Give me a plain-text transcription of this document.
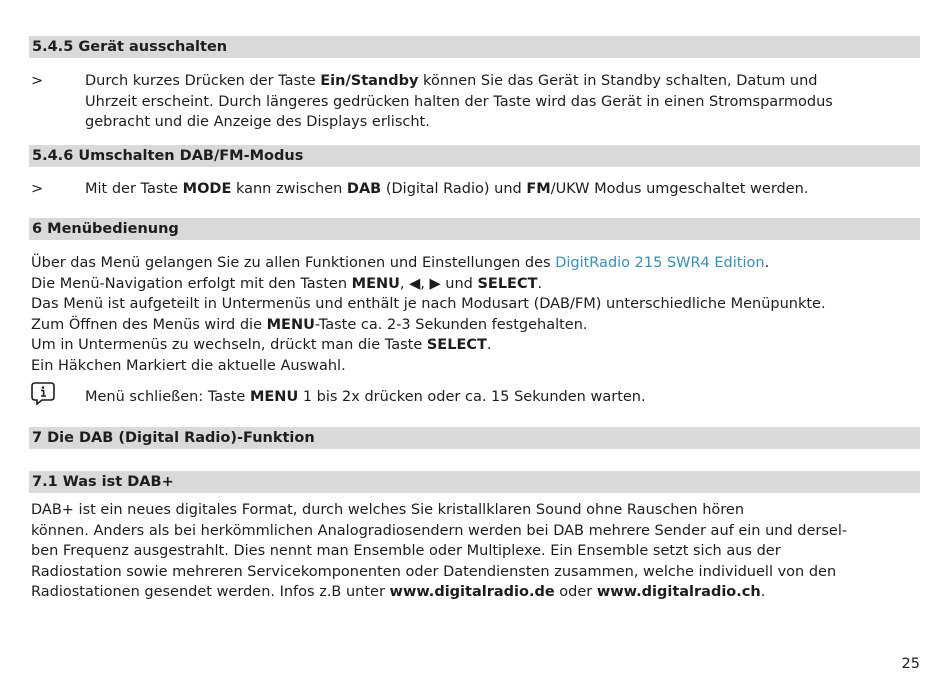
5.4.5 Gerät ausschalten
>	Durch kurzes Drücken der Taste Ein/Standby können Sie das Gerät in Standby schalten, Datum und
Uhrzeit erscheint. Durch längeres gedrücken halten der Taste wird das Gerät in einen Stromsparmodus
gebracht und die Anzeige des Displays erlischt.
5.4.6 Umschalten DAB/FM-Modus
>	Mit der Taste MODE kann zwischen DAB (Digital Radio) und FM/UKW Modus umgeschaltet werden.
6 Menübedienung
Über das Menü gelangen Sie zu allen Funktionen und Einstellungen des DigitRadio 215 SWR4 Edition.
Die Menü-Navigation erfolgt mit den Tasten MENU, ◀, ▶ und SELECT.
Das Menü ist aufgeteilt in Untermenüs und enthält je nach Modusart (DAB/FM) unterschiedliche Menüpunkte.
Zum Öffnen des Menüs wird die MENU-Taste ca. 2-3 Sekunden festgehalten.
Um in Untermenüs zu wechseln, drückt man die Taste SELECT.
Ein Häkchen Markiert die aktuelle Auswahl.
Menü schließen: Taste MENU 1 bis 2x drücken oder ca. 15 Sekunden warten.
7 Die DAB (Digital Radio)-Funktion
7.1 Was ist DAB+
DAB+ ist ein neues digitales Format, durch welches Sie kristallklaren Sound ohne Rauschen hören
können. Anders als bei herkömmlichen Analogradiosendern werden bei DAB mehrere Sender auf ein und dersel-
ben Frequenz ausgestrahlt. Dies nennt man Ensemble oder Multiplexe. Ein Ensemble setzt sich aus der
Radiostation sowie mehreren Servicekomponenten oder Datendiensten zusammen, welche individuell von den
Radiostationen gesendet werden. Infos z.B unter www.digitalradio.de oder www.digitalradio.ch.
25
